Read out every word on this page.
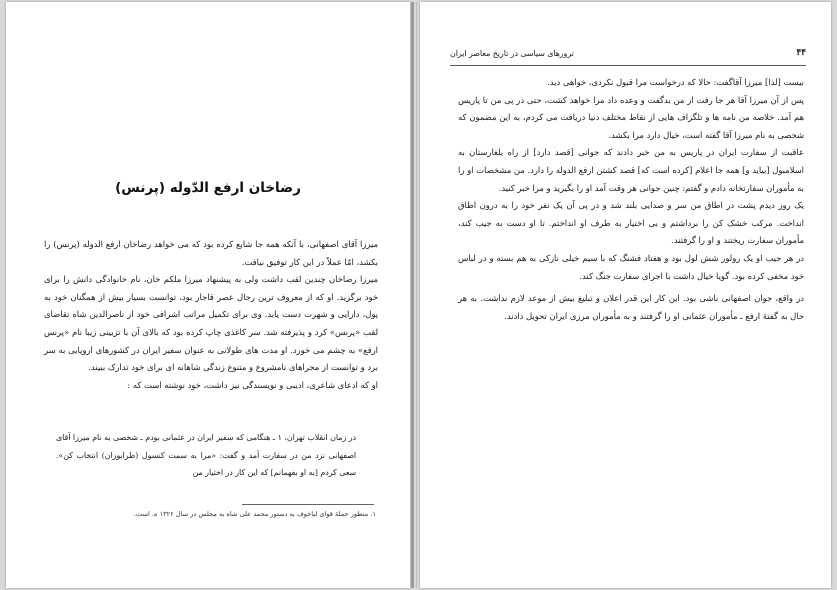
رضاخان ارفع الدّوله (پرنس)

میرزا آقای اصفهانی، با آنکه همه جا شایع کرده بود که می خواهد رضاخان ارفع الدوله (پرنس) را بکشد، امّا عملاً در این کار توفیق نیافت.

میرزا رضاخان چندین لقب داشت ولی به پیشنهاد میرزا ملکم خان، نام خانوادگی دانش را برای خود برگزید. او که از معروف ترین رجال عصر قاجار بود، توانست بسیار بیش از همگنان خود به پول، دارایی و شهرت دست یابد. وی برای تکمیل مراتب اشرافی خود از ناصرالدین شاه تقاضای لقب «پرنس» کرد و پذیرفته شد. سر کاغذی چاپ کرده بود که بالای آن با تزیینی زیبا نام «پرنس ارفع» به چشم می خورد. او مدت های طولانی به عنوان سفیر ایران در کشورهای اروپایی به سر برد و توانست از مجراهای نامشروع و متنوع زندگی شاهانه ای برای خود تدارک ببیند.

او که ادعای شاعری، ادیبی و نویسندگی نیز داشت، خود نوشته است که :

در زمان انقلاب تهران، ۱ ـ هنگامی که سفیر ایران در عثمانی بودم ـ شخصی به نام میرزا آقای اصفهانی نزد من در سفارت آمد و گفت: «مرا به سمت کنسول (طرابوزان) انتخاب کن». سعی کردم [به او بفهمانم] که این کار در اختیار من
۱. منظور حملهٔ قوای لیاخوف به دستور محمد علی شاه به مجلس در سال ۱۳۲۶ ه. است.
۴۴
ترورهای سیاسی در تاریخ معاصر ایران

نیست [لذا] میرزا آقاگفت: حالا که درخواست مرا قبول نکردی، خواهی دید.

پس از آن میرزا آقا هر جا رفت از من بدگفت و وعده داد مرا خواهد کشت، حتی در پی من تا پاریس هم آمد. خلاصه من نامه ها و تلگراف هایی از نقاط مختلف دنیا دریافت می کردم، به این مضمون که شخصی به نام میرزا آقا گفته است، خیال دارد مرا بکشد.

عاقبت از سفارت ایران در پاریس به من خبر دادند که جوانی [قصد دارد] از راه بلغارستان به اسلامبول [بیاید و] همه جا اعلام [کرده است که] قصد کشتن ارفع الدوله را دارد. من مشخصات او را به مأموران سفارتخانه دادم و گفتم: چنین جوانی هر وقت آمد او را بگیرید و مرا خبر کنید.

یک روز دیدم پشت در اطاق من سر و صدایی بلند شد و در پی آن یک نفر خود را به درون اطاق انداخت. مرکب خشک کن را برداشتم و بی اختیار به طرف او انداختم. تا او دست به جیب کند، مأموران سفارت ریختند و او را گرفتند.

در هر جیب او یک رولور شش لول بود و هفتاد فشنگ که با سیم خیلی نازکی به هم بسته و در لباس خود مخفی کرده بود. گویا خیال داشت با اجرای سفارت جنگ کند.

در واقع، جوان اصفهانی ناشی بود. این کار این قدر اعلان و تبلیغ بیش از موعد لازم نداشت. به هر حال به گفتهٔ ارفع ـ مأموران عثمانی او را گرفتند و به مأموران مرزی ایران تحویل دادند.
